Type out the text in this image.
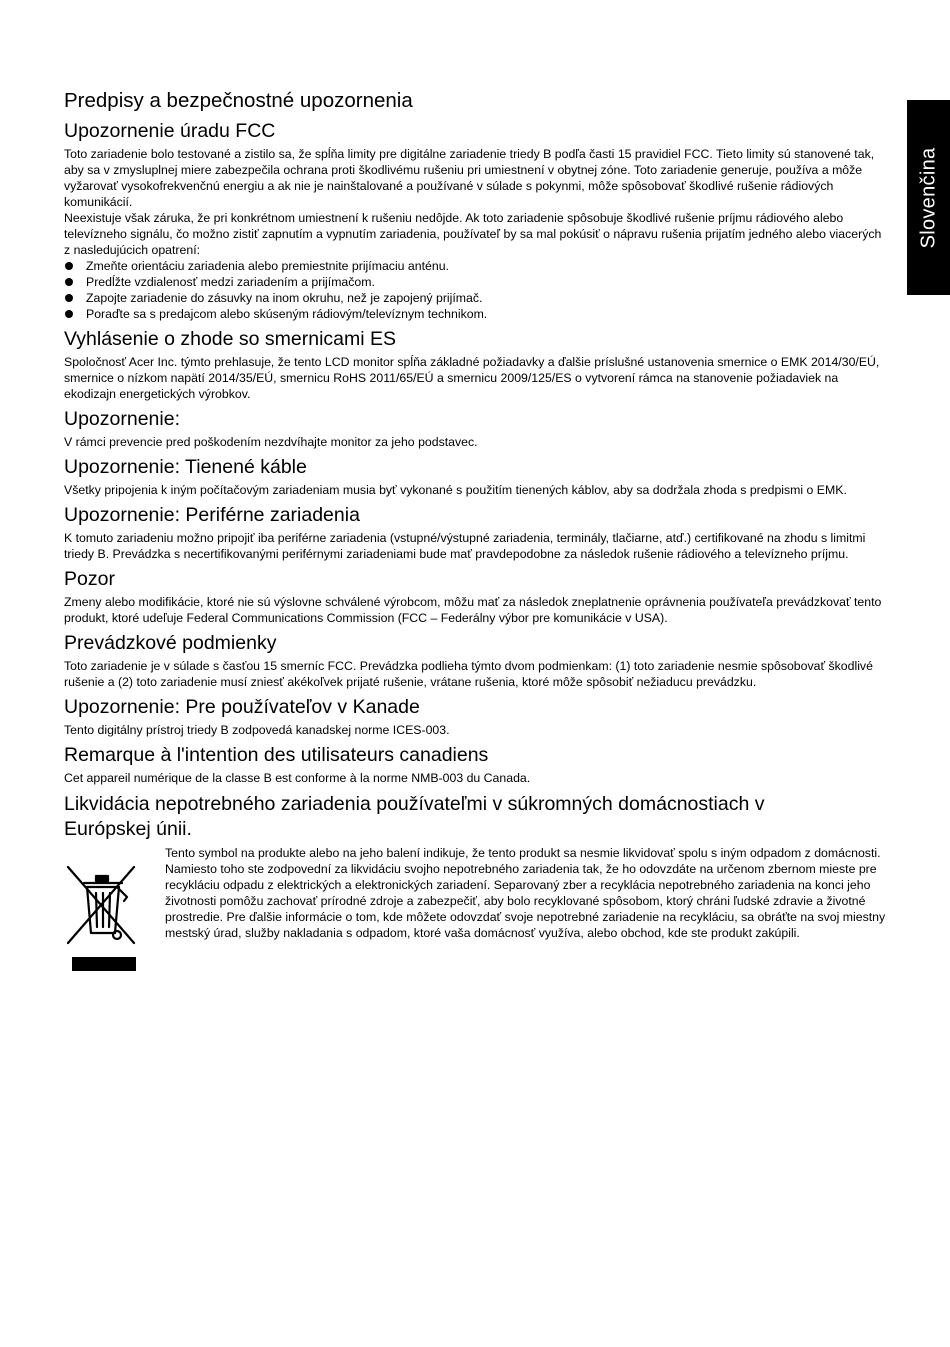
Slovenčina
Predpisy a bezpečnostné upozornenia
Upozornenie úradu FCC

Toto zariadenie bolo testované a zistilo sa, že spĺňa limity pre digitálne zariadenie triedy B podľa časti 15 pravidiel FCC. Tieto limity sú stanovené tak, aby sa v zmysluplnej miere zabezpečila ochrana proti škodlivému rušeniu pri umiestnení v obytnej zóne. Toto zariadenie generuje, používa a môže vyžarovať vysokofrekvenčnú energiu a ak nie je nainštalované a používané v súlade s pokynmi, môže spôsobovať škodlivé rušenie rádiových komunikácií.

Neexistuje však záruka, že pri konkrétnom umiestnení k rušeniu nedôjde. Ak toto zariadenie spôsobuje škodlivé rušenie príjmu rádiového alebo televízneho signálu, čo možno zistiť zapnutím a vypnutím zariadenia, používateľ by sa mal pokúsiť o nápravu rušenia prijatím jedného alebo viacerých z nasledujúcich opatrení:

Zmeňte orientáciu zariadenia alebo premiestnite prijímaciu anténu.
Predĺžte vzdialenosť medzi zariadením a prijímačom.
Zapojte zariadenie do zásuvky na inom okruhu, než je zapojený prijímač.
Poraďte sa s predajcom alebo skúseným rádiovým/televíznym technikom.
Vyhlásenie o zhode so smernicami ES

Spoločnosť Acer Inc. týmto prehlasuje, že tento LCD monitor spĺňa základné požiadavky a ďalšie príslušné ustanovenia smernice o EMK 2014/30/EÚ, smernice o nízkom napätí 2014/35/EÚ, smernicu RoHS 2011/65/EÚ a smernicu 2009/125/ES o vytvorení rámca na stanovenie požiadaviek na ekodizajn energetických výrobkov.

Upozornenie:

V rámci prevencie pred poškodením nezdvíhajte monitor za jeho podstavec.

Upozornenie: Tienené káble

Všetky pripojenia k iným počítačovým zariadeniam musia byť vykonané s použitím tienených káblov, aby sa dodržala zhoda s predpismi o EMK.

Upozornenie: Periférne zariadenia

K tomuto zariadeniu možno pripojiť iba periférne zariadenia (vstupné/výstupné zariadenia, terminály, tlačiarne, atď.) certifikované na zhodu s limitmi triedy B. Prevádzka s necertifikovanými periférnymi zariadeniami bude mať pravdepodobne za následok rušenie rádiového a televízneho príjmu.

Pozor

Zmeny alebo modifikácie, ktoré nie sú výslovne schválené výrobcom, môžu mať za následok zneplatnenie oprávnenia používateľa prevádzkovať tento produkt, ktoré udeľuje Federal Communications Commission (FCC – Federálny výbor pre komunikácie v USA).

Prevádzkové podmienky

Toto zariadenie je v súlade s časťou 15 smerníc FCC. Prevádzka podlieha týmto dvom podmienkam: (1) toto zariadenie nesmie spôsobovať škodlivé rušenie a (2) toto zariadenie musí zniesť akékoľvek prijaté rušenie, vrátane rušenia, ktoré môže spôsobiť nežiaducu prevádzku.

Upozornenie: Pre používateľov v Kanade

Tento digitálny prístroj triedy B zodpovedá kanadskej norme ICES-003.

Remarque à l'intention des utilisateurs canadiens

Cet appareil numérique de la classe B est conforme à la norme NMB-003 du Canada.

Likvidácia nepotrebného zariadenia používateľmi v súkromných domácnostiach v Európskej únii.
Tento symbol na produkte alebo na jeho balení indikuje, že tento produkt sa nesmie likvidovať spolu s iným odpadom z domácnosti. Namiesto toho ste zodpovední za likvidáciu svojho nepotrebného zariadenia tak, že ho odovzdáte na určenom zbernom mieste pre recykláciu odpadu z elektrických a elektronických zariadení. Separovaný zber a recyklácia nepotrebného zariadenia na konci jeho životnosti pomôžu zachovať prírodné zdroje a zabezpečiť, aby bolo recyklované spôsobom, ktorý chráni ľudské zdravie a životné prostredie. Pre ďalšie informácie o tom, kde môžete odovzdať svoje nepotrebné zariadenie na recykláciu, sa obráťte na svoj miestny mestský úrad, služby nakladania s odpadom, ktoré vaša domácnosť využíva, alebo obchod, kde ste produkt zakúpili.
